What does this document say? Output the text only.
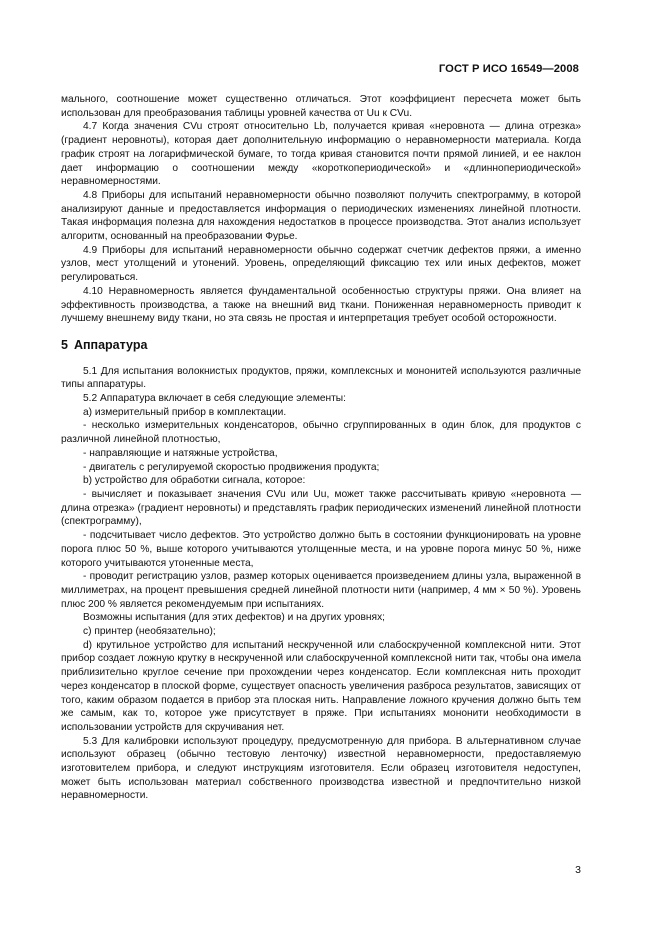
ГОСТ Р ИСО 16549—2008

мального, соотношение может существенно отличаться. Этот коэффициент пересчета может быть использован для преобразования таблицы уровней качества от Uu к CVu.

4.7 Когда значения CVu строят относительно Lb, получается кривая «неровнота — длина отрезка» (градиент неровноты), которая дает дополнительную информацию о неравномерности материала. Когда график строят на логарифмической бумаге, то тогда кривая становится почти прямой линией, и ее наклон дает информацию о соотношении между «короткопериодической» и «длиннопериодической» неравномерностями.

4.8 Приборы для испытаний неравномерности обычно позволяют получить спектрограмму, в которой анализируют данные и предоставляется информация о периодических изменениях линейной плотности. Такая информация полезна для нахождения недостатков в процессе производства. Этот анализ использует алгоритм, основанный на преобразовании Фурье.

4.9 Приборы для испытаний неравномерности обычно содержат счетчик дефектов пряжи, а именно узлов, мест утолщений и утонений. Уровень, определяющий фиксацию тех или иных дефектов, может регулироваться.

4.10 Неравномерность является фундаментальной особенностью структуры пряжи. Она влияет на эффективность производства, а также на внешний вид ткани. Пониженная неравномерность приводит к лучшему внешнему виду ткани, но эта связь не простая и интерпретация требует особой осторожности.

5 Аппаратура

5.1 Для испытания волокнистых продуктов, пряжи, комплексных и мононитей используются различные типы аппаратуры.

5.2 Аппаратура включает в себя следующие элементы:

a) измерительный прибор в комплектации.

- несколько измерительных конденсаторов, обычно сгруппированных в один блок, для продуктов с различной линейной плотностью,

- направляющие и натяжные устройства,

- двигатель с регулируемой скоростью продвижения продукта;

b) устройство для обработки сигнала, которое:

- вычисляет и показывает значения CVu или Uu, может также рассчитывать кривую «неровнота — длина отрезка» (градиент неровноты) и представлять график периодических изменений линейной плотности (спектрограмму),

- подсчитывает число дефектов. Это устройство должно быть в состоянии функционировать на уровне порога плюс 50 %, выше которого учитываются утолщенные места, и на уровне порога минус 50 %, ниже которого учитываются утоненные места,

- проводит регистрацию узлов, размер которых оценивается произведением длины узла, выраженной в миллиметрах, на процент превышения средней линейной плотности нити (например, 4 мм × 50 %). Уровень плюс 200 % является рекомендуемым при испытаниях.

Возможны испытания (для этих дефектов) и на других уровнях;

c) принтер (необязательно);

d) крутильное устройство для испытаний нескрученной или слабоскрученной комплексной нити. Этот прибор создает ложную крутку в нескрученной или слабоскрученной комплексной нити так, чтобы она имела приблизительно круглое сечение при прохождении через конденсатор. Если комплексная нить проходит через конденсатор в плоской форме, существует опасность увеличения разброса результатов, зависящих от того, каким образом подается в прибор эта плоская нить. Направление ложного кручения должно быть тем же самым, как то, которое уже присутствует в пряже. При испытаниях мононити необходимости в использовании устройств для скручивания нет.

5.3 Для калибровки используют процедуру, предусмотренную для прибора. В альтернативном случае используют образец (обычно тестовую ленточку) известной неравномерности, предоставляемую изготовителем прибора, и следуют инструкциям изготовителя. Если образец изготовителя недоступен, может быть использован материал собственного производства известной и предпочтительно низкой неравномерности.

3
